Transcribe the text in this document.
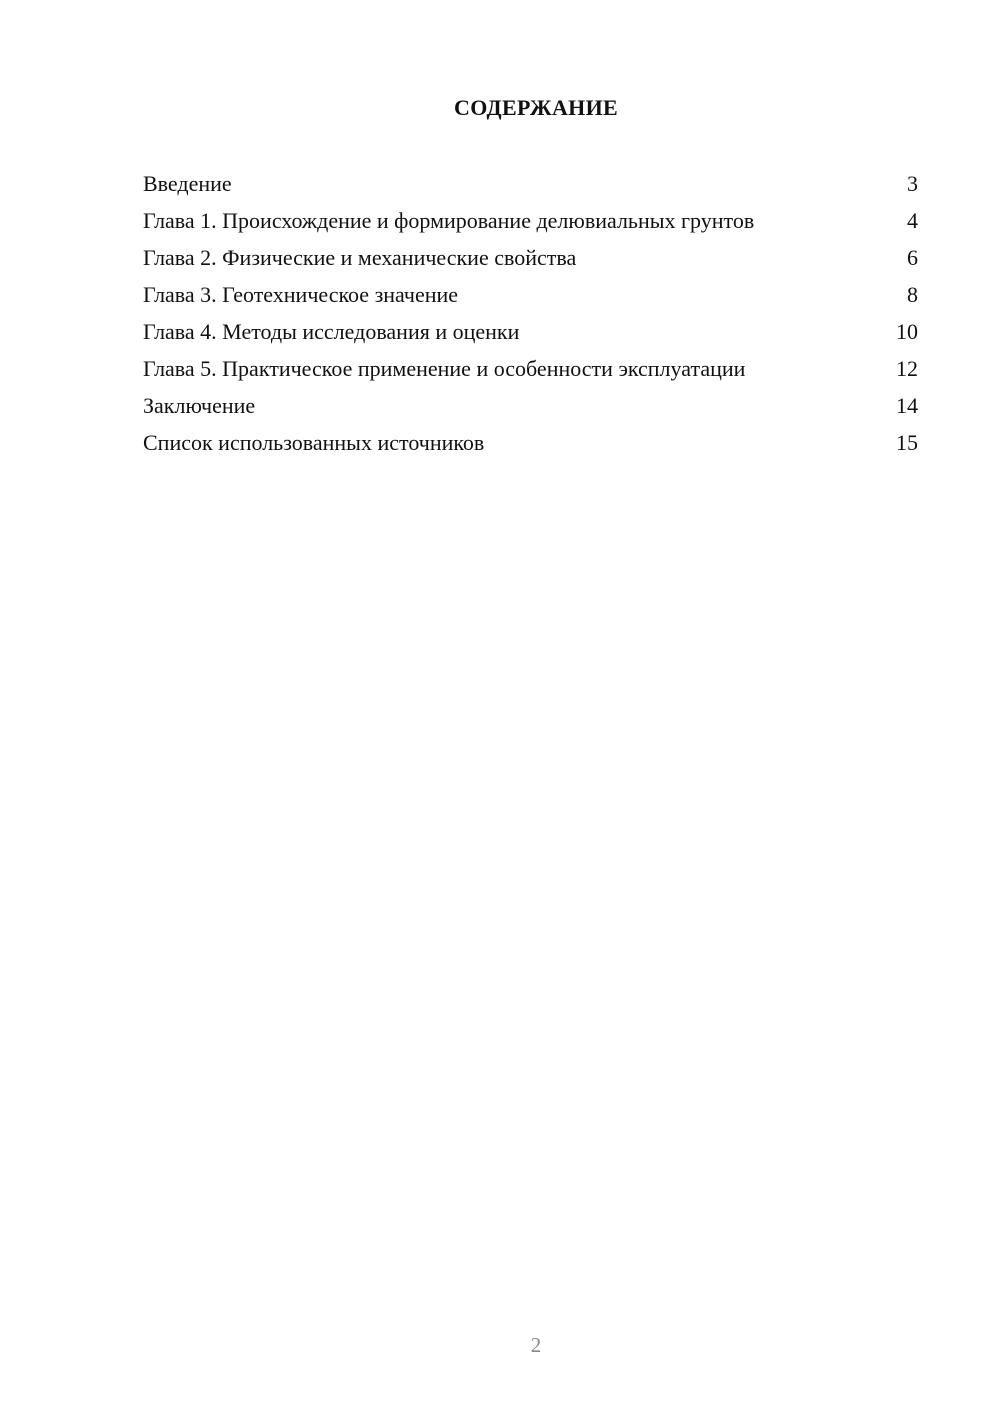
СОДЕРЖАНИЕ
Введение	3
Глава 1. Происхождение и формирование делювиальных грунтов	4
Глава 2. Физические и механические свойства	6
Глава 3. Геотехническое значение	8
Глава 4. Методы исследования и оценки	10
Глава 5. Практическое применение и особенности эксплуатации	12
Заключение	14
Список использованных источников	15
2
